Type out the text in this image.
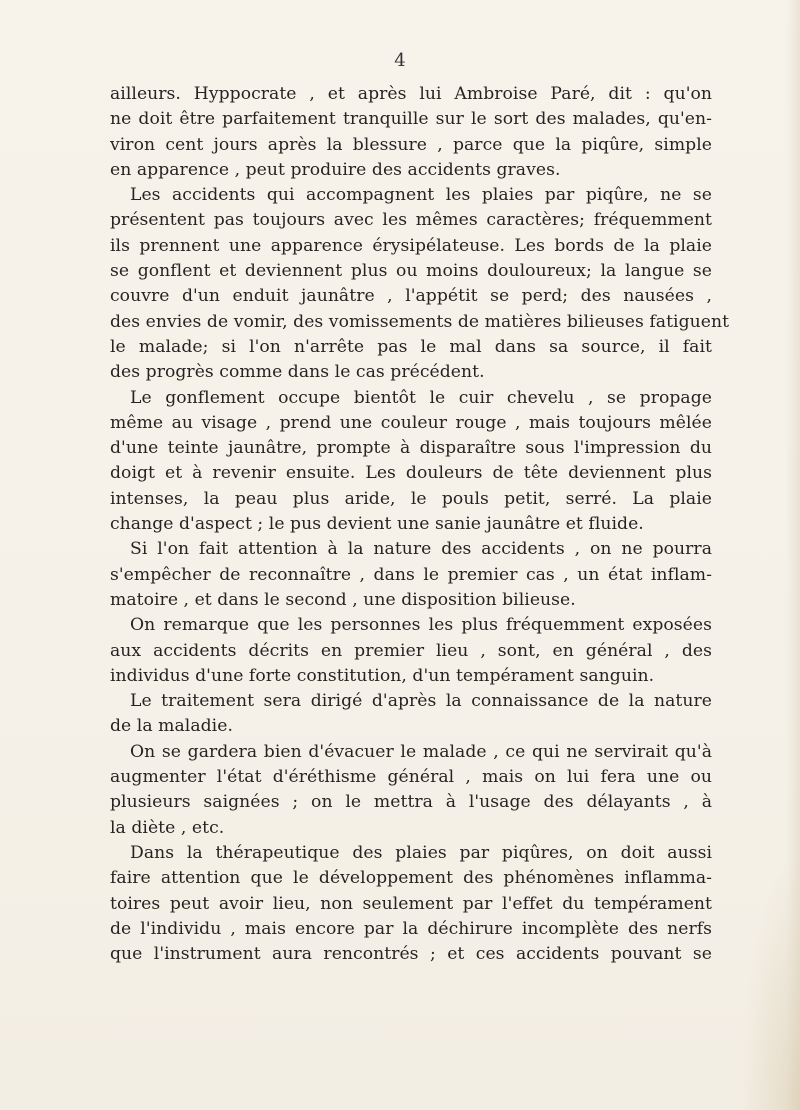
4
ailleurs. Hyppocrate , et après lui Ambroise Paré, dit : qu'on
ne doit être parfaitement tranquille sur le sort des malades, qu'en-
viron cent jours après la blessure , parce que la piqûre, simple
en apparence , peut produire des accidents graves.
Les accidents qui accompagnent les plaies par piqûre, ne se
présentent pas toujours avec les mêmes caractères; fréquemment
ils prennent une apparence érysipélateuse. Les bords de la plaie
se gonflent et deviennent plus ou moins douloureux; la langue se
couvre d'un enduit jaunâtre , l'appétit se perd; des nausées ,
des envies de vomir, des vomissements de matières bilieuses fatiguent
le malade; si l'on n'arrête pas le mal dans sa source, il fait
des progrès comme dans le cas précédent.
Le gonflement occupe bientôt le cuir chevelu , se propage
même au visage , prend une couleur rouge , mais toujours mêlée
d'une teinte jaunâtre, prompte à disparaître sous l'impression du
doigt et à revenir ensuite. Les douleurs de tête deviennent plus
intenses, la peau plus aride, le pouls petit, serré. La plaie
change d'aspect ; le pus devient une sanie jaunâtre et fluide.
Si l'on fait attention à la nature des accidents , on ne pourra
s'empêcher de reconnaître , dans le premier cas , un état inflam-
matoire , et dans le second , une disposition bilieuse.
On remarque que les personnes les plus fréquemment exposées
aux accidents décrits en premier lieu , sont, en général , des
individus d'une forte constitution, d'un tempérament sanguin.
Le traitement sera dirigé d'après la connaissance de la nature
de la maladie.
On se gardera bien d'évacuer le malade , ce qui ne servirait qu'à
augmenter l'état d'éréthisme général , mais on lui fera une ou
plusieurs saignées ; on le mettra à l'usage des délayants , à
la diète , etc.
Dans la thérapeutique des plaies par piqûres, on doit aussi
faire attention que le développement des phénomènes inflamma-
toires peut avoir lieu, non seulement par l'effet du tempérament
de l'individu , mais encore par la déchirure incomplète des nerfs
que l'instrument aura rencontrés ; et ces accidents pouvant se
